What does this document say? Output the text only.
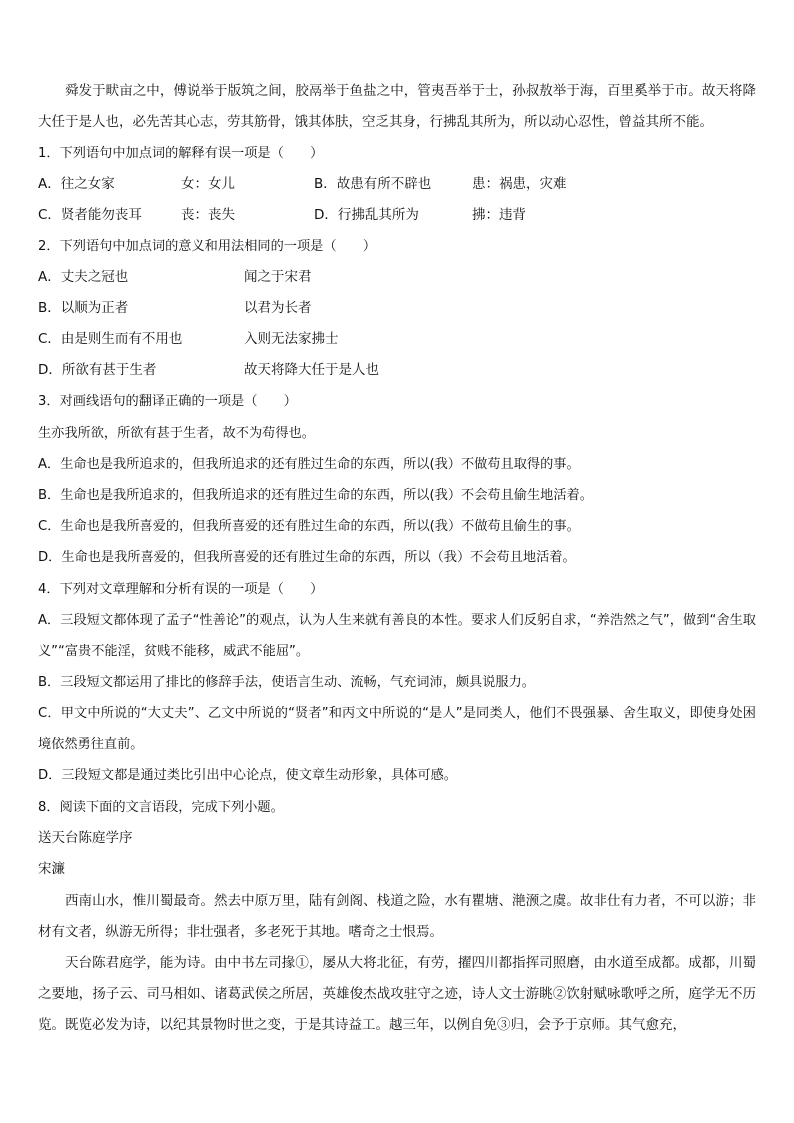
舜发于畎亩之中，傅说举于版筑之间，胶鬲举于鱼盐之中，管夷吾举于士，孙叔敖举于海，百里奚举于市。故天将降大任于是人也，必先苦其心志，劳其筋骨，饿其体肤，空乏其身，行拂乱其所为，所以动心忍性，曾益其所不能。

1．下列语句中加点词的解释有误一项是（　　）

A．往之女家	女：女儿	B．故患有所不辟也	患：祸患，灾难
C．贤者能勿丧耳	丧：丧失	D．行拂乱其所为	拂：违背

2．下列语句中加点词的意义和用法相同的一项是（　　）

A．丈夫之冠也	闻之于宋君
B．以顺为正者	以君为长者
C．由是则生而有不用也	入则无法家拂士
D．所欲有甚于生者	故天将降大任于是人也

3．对画线语句的翻译正确的一项是（　　）

生亦我所欲，所欲有甚于生者，故不为苟得也。

A．生命也是我所追求的，但我所追求的还有胜过生命的东西，所以(我）不做苟且取得的事。

B．生命也是我所追求的，但我所追求的还有胜过生命的东西，所以(我）不会苟且偷生地活着。

C．生命也是我所喜爱的，但我所喜爱的还有胜过生命的东西，所以(我）不做苟且偷生的事。

D．生命也是我所喜爱的，但我所喜爱的还有胜过生命的东西，所以（我）不会苟且地活着。

4．下列对文章理解和分析有误的一项是（　　）

A．三段短文都体现了孟子“性善论”的观点，认为人生来就有善良的本性。要求人们反躬自求，“养浩然之气”，做到“舍生取义”“富贵不能淫，贫贱不能移，威武不能屈”。

B．三段短文都运用了排比的修辞手法，使语言生动、流畅，气充词沛，颇具说服力。

C．甲文中所说的“大丈夫”、乙文中所说的“贤者”和丙文中所说的“是人”是同类人，他们不畏强暴、舍生取义，即使身处困境依然勇往直前。

D．三段短文都是通过类比引出中心论点，使文章生动形象，具体可感。

8．阅读下面的文言语段，完成下列小题。

送天台陈庭学序

宋濂

西南山水，惟川蜀最奇。然去中原万里，陆有剑阁、栈道之险，水有瞿塘、滟滪之虞。故非仕有力者，不可以游；非材有文者，纵游无所得；非壮强者，多老死于其地。嗜奇之士恨焉。

天台陈君庭学，能为诗。由中书左司掾①，屡从大将北征，有劳，擢四川都指挥司照磨，由水道至成都。成都，川蜀之要地，扬子云、司马相如、诸葛武侯之所居，英雄俊杰战攻驻守之迹，诗人文士游眺②饮射赋咏歌呼之所，庭学无不历览。既览必发为诗，以纪其景物时世之变，于是其诗益工。越三年，以例自免③归，会予于京师。其气愈充，
